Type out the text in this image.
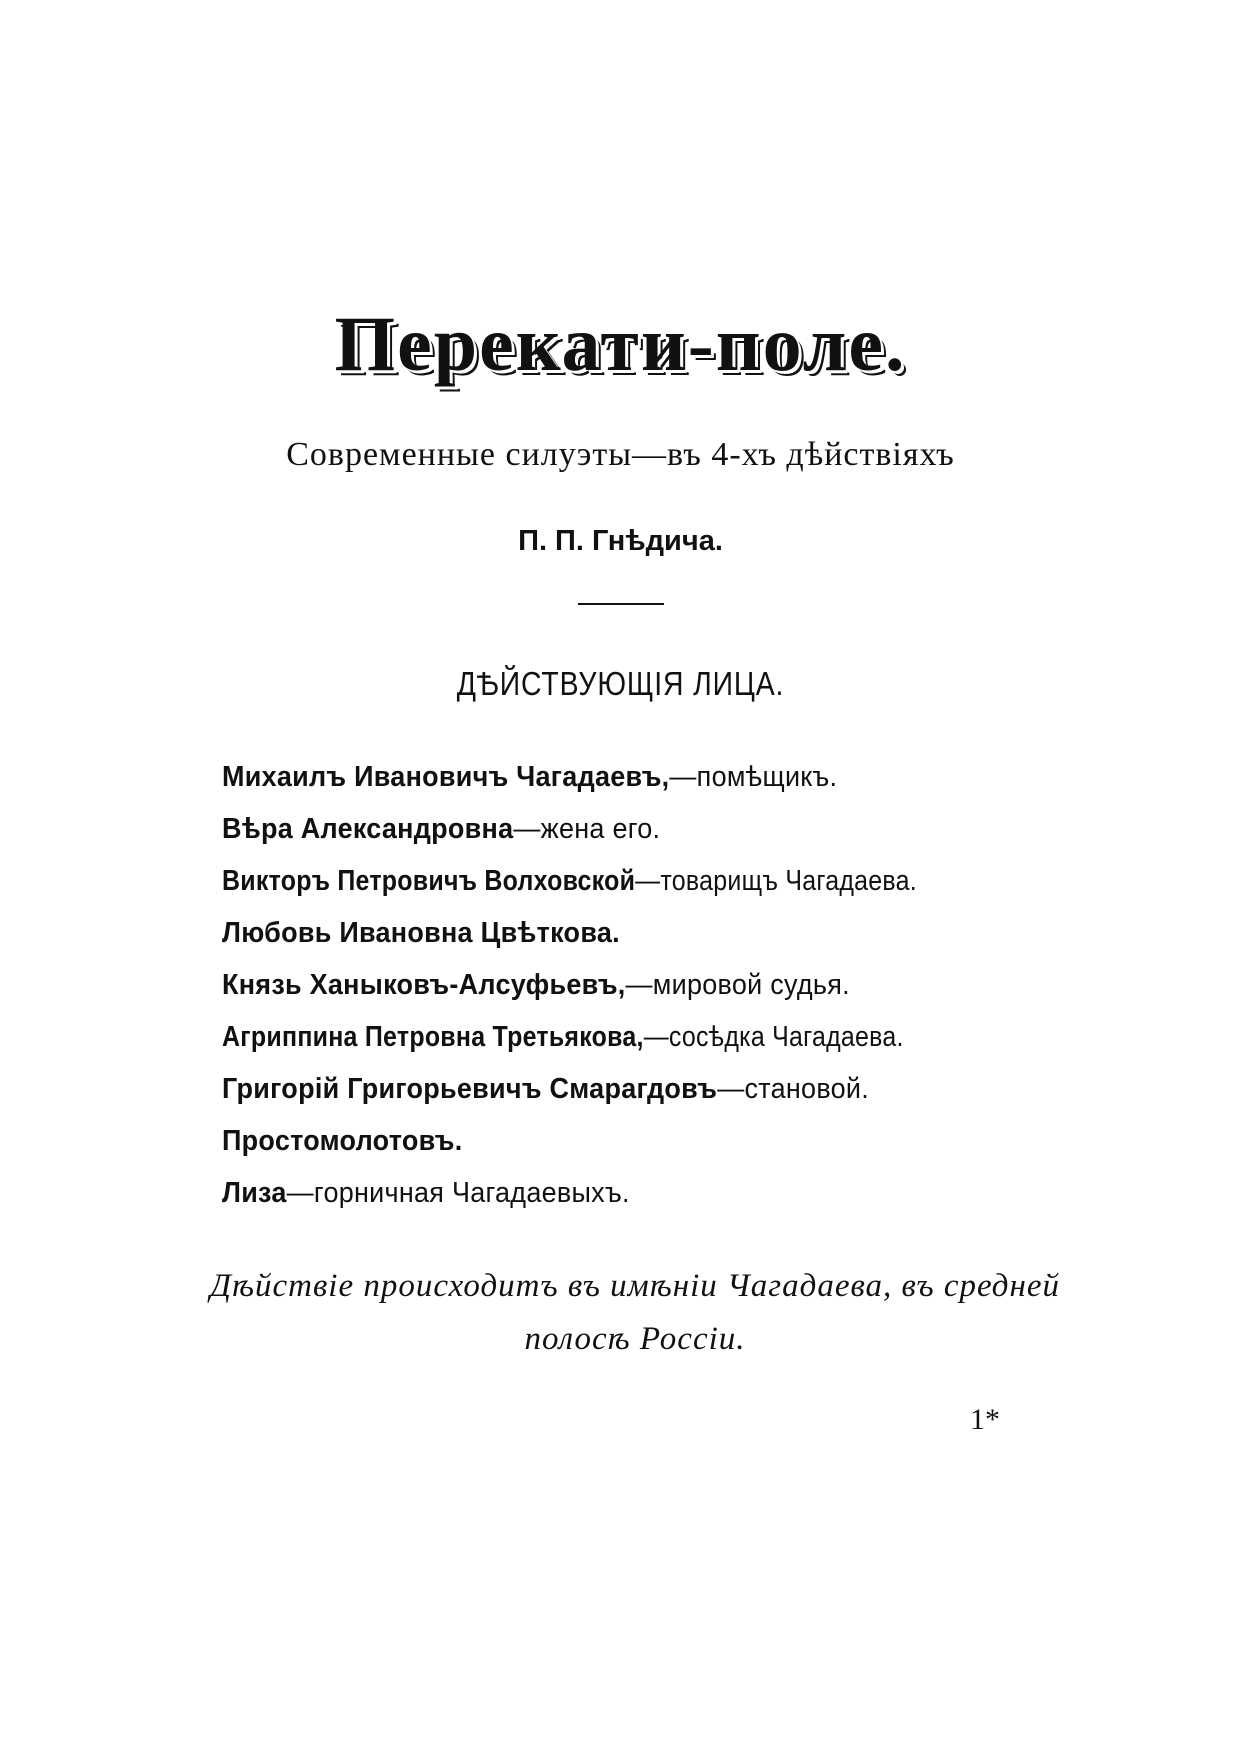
Перекати-поле.
Современные силуэты—въ 4-хъ дѣйствіяхъ
П. П. Гнѣдича.
ДѢЙСТВУЮЩІЯ ЛИЦА.
Михаилъ Ивановичъ Чагадаевъ,—помѣщикъ.
Вѣра Александровна—жена его.
Викторъ Петровичъ Волховской—товарищъ Чагадаева.
Любовь Ивановна Цвѣткова.
Князь Ханыковъ-Алсуфьевъ,—мировой судья.
Агриппина Петровна Третьякова,—сосѣдка Чагадаева.
Григорій Григорьевичъ Смарагдовъ—становой.
Простомолотовъ.
Лиза—горничная Чагадаевыхъ.
Дѣйствіе происходитъ въ имѣніи Чагадаева, въ средней полосѣ Россіи.
1*
